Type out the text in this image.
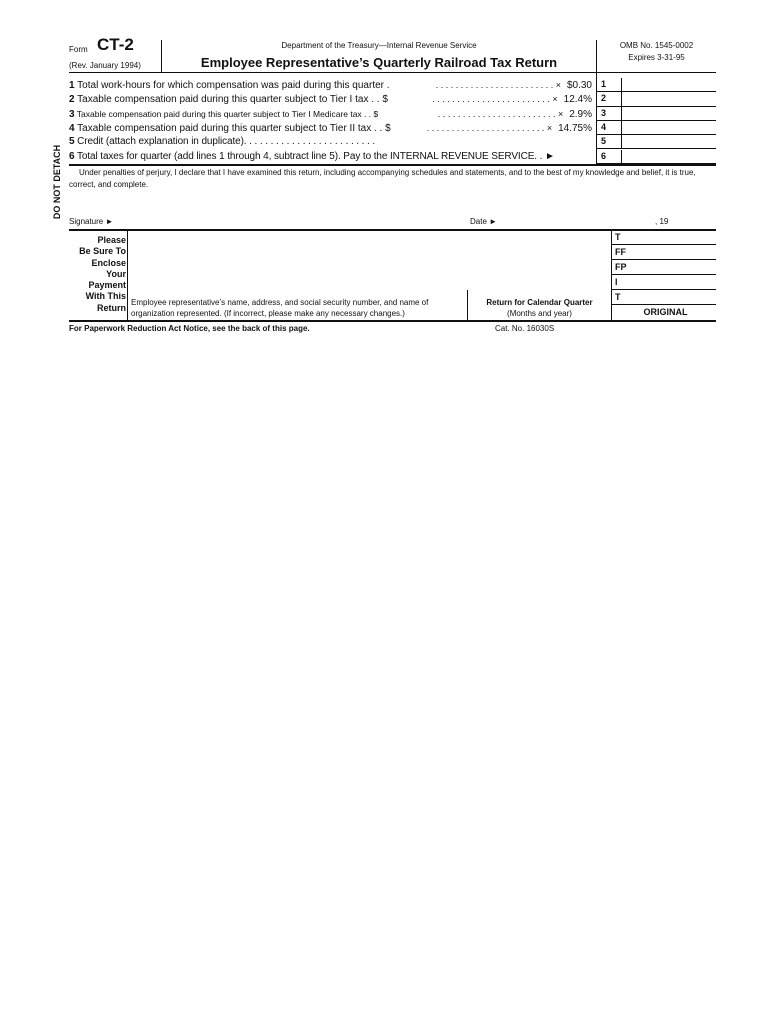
Form CT-2
(Rev. January 1994)
Department of the Treasury—Internal Revenue Service
Employee Representative’s Quarterly Railroad Tax Return
OMB No. 1545-0002
Expires 3-31-95
DO NOT DETACH
1 Total work-hours for which compensation was paid during this quarter .	. . . . . . . . . . . . . . . . . . . . . . . . × $0.30	1
2 Taxable compensation paid during this quarter subject to Tier I tax . . $	. . . . . . . . . . . . . . . . . . . . . . . . × 12.4%	2
3 Taxable compensation paid during this quarter subject to Tier I Medicare tax . . $	. . . . . . . . . . . . . . . . . . . . . . . . × 2.9%	3
4 Taxable compensation paid during this quarter subject to Tier II tax . . $	. . . . . . . . . . . . . . . . . . . . . . . . × 14.75%	4
5 Credit (attach explanation in duplicate). . . . . . . . . . . . . . . . . . . . . . . . .	5
6 Total taxes for quarter (add lines 1 through 4, subtract line 5). Pay to the INTERNAL REVENUE SERVICE. . ►	6
Under penalties of perjury, I declare that I have examined this return, including accompanying schedules and statements, and to the best of my knowledge and belief, it is true, correct, and complete.
Signature ►	Date ►	, 19
Please
Be Sure To
Enclose
Your
Payment
With This
Return
Employee representative’s name, address, and social security number, and name of organization represented. (If incorrect, please make any necessary changes.)
Return for Calendar Quarter
(Months and year)
T
FF
FP
I
T
ORIGINAL
For Paperwork Reduction Act Notice, see the back of this page.	Cat. No. 16030S
